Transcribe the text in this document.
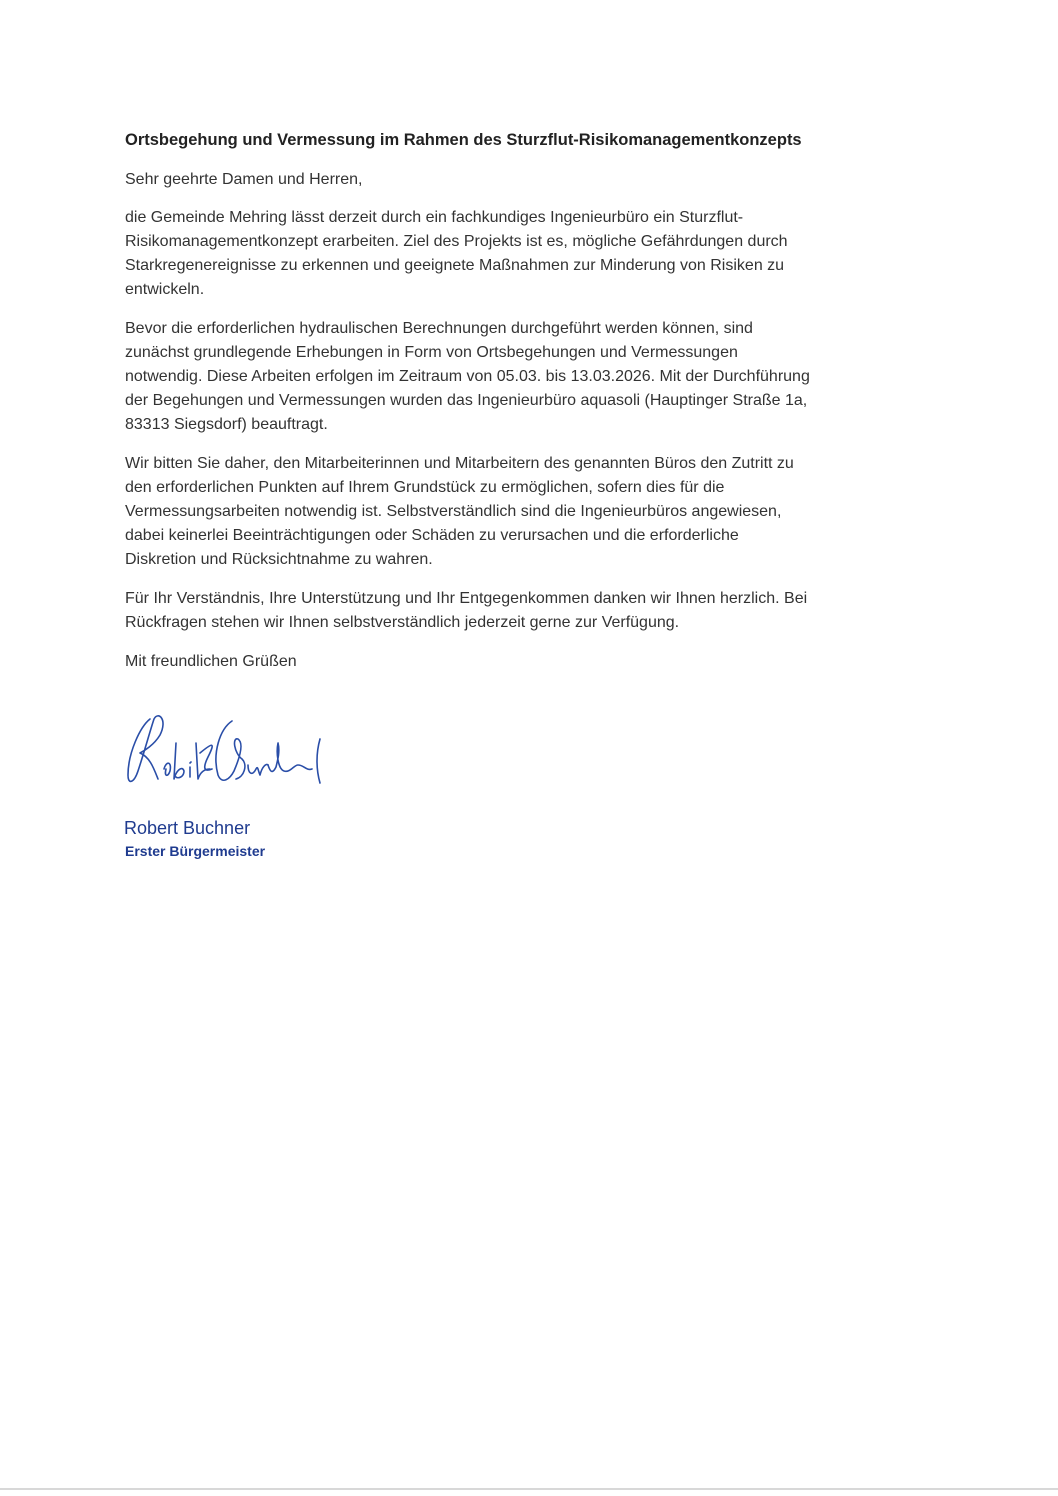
Ortsbegehung und Vermessung im Rahmen des Sturzflut-Risikomanagementkonzepts
Sehr geehrte Damen und Herren,
die Gemeinde Mehring lässt derzeit durch ein fachkundiges Ingenieurbüro ein Sturzflut-
Risikomanagementkonzept erarbeiten. Ziel des Projekts ist es, mögliche Gefährdungen durch
Starkregenereignisse zu erkennen und geeignete Maßnahmen zur Minderung von Risiken zu
entwickeln.
Bevor die erforderlichen hydraulischen Berechnungen durchgeführt werden können, sind
zunächst grundlegende Erhebungen in Form von Ortsbegehungen und Vermessungen
notwendig. Diese Arbeiten erfolgen im Zeitraum von 05.03. bis 13.03.2026. Mit der Durchführung
der Begehungen und Vermessungen wurden das Ingenieurbüro aquasoli (Hauptinger Straße 1a,
83313 Siegsdorf) beauftragt.
Wir bitten Sie daher, den Mitarbeiterinnen und Mitarbeitern des genannten Büros den Zutritt zu
den erforderlichen Punkten auf Ihrem Grundstück zu ermöglichen, sofern dies für die
Vermessungsarbeiten notwendig ist. Selbstverständlich sind die Ingenieurbüros angewiesen,
dabei keinerlei Beeinträchtigungen oder Schäden zu verursachen und die erforderliche
Diskretion und Rücksichtnahme zu wahren.
Für Ihr Verständnis, Ihre Unterstützung und Ihr Entgegenkommen danken wir Ihnen herzlich. Bei
Rückfragen stehen wir Ihnen selbstverständlich jederzeit gerne zur Verfügung.
Mit freundlichen Grüßen
Robert Buchner
Erster Bürgermeister
